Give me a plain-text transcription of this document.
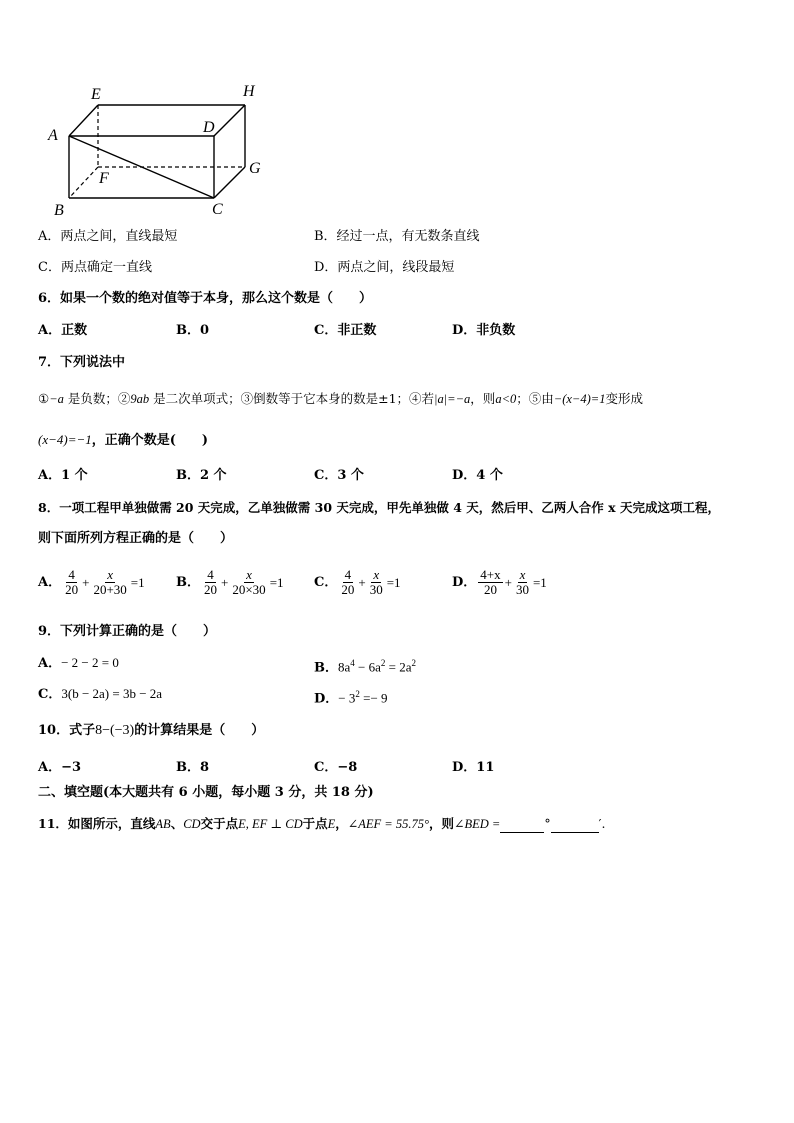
A
E	H
D
G
F
B	C
A．两点之间，直线最短	B．经过一点，有无数条直线
C．两点确定一直线	D．两点之间，线段最短
6．如果一个数的绝对值等于本身，那么这个数是（　　）
A．正数	B．0	C．非正数	D．非负数
7．下列说法中
①−a 是负数；②9ab 是二次单项式；③倒数等于它本身的数是±1；④若|a|=−a，则a<0；⑤由−(x−4)=1变形成
(x−4)=−1，正确个数是(　　)
A．1 个	B．2 个	C．3 个	D．4 个
8．一项工程甲单独做需 20 天完成，乙单独做需 30 天完成，甲先单独做 4 天，然后甲、乙两人合作 x 天完成这项工程，
则下面所列方程正确的是（　　）
A． $\frac{4}{20} + \frac{x}{20+30} =1$ B． $\frac{4}{20} + \frac{x}{20\times 30} =1$ C． $\frac{4}{20} + \frac{x}{30} =1$	D． $\frac{4+x}{20} + \frac{x}{30} =1$
9．下列计算正确的是（　　）
A．− 2 − 2 = 0	B．$8a^4 - 6a^2 = 2a^2$
C．3(b − 2a) = 3b − 2a	D．− $3^2 =- 9$
10．式子8−(−3)的计算结果是（　　）
A．−3	B．8	C．−8	D．11
二、填空题(本大题共有 6 小题，每小题 3 分，共 18 分)
11．如图所示，直线AB、CD交于点E, EF ⊥ CD于点E，∠AEF = 55.75°，则∠BED =	°	′.
